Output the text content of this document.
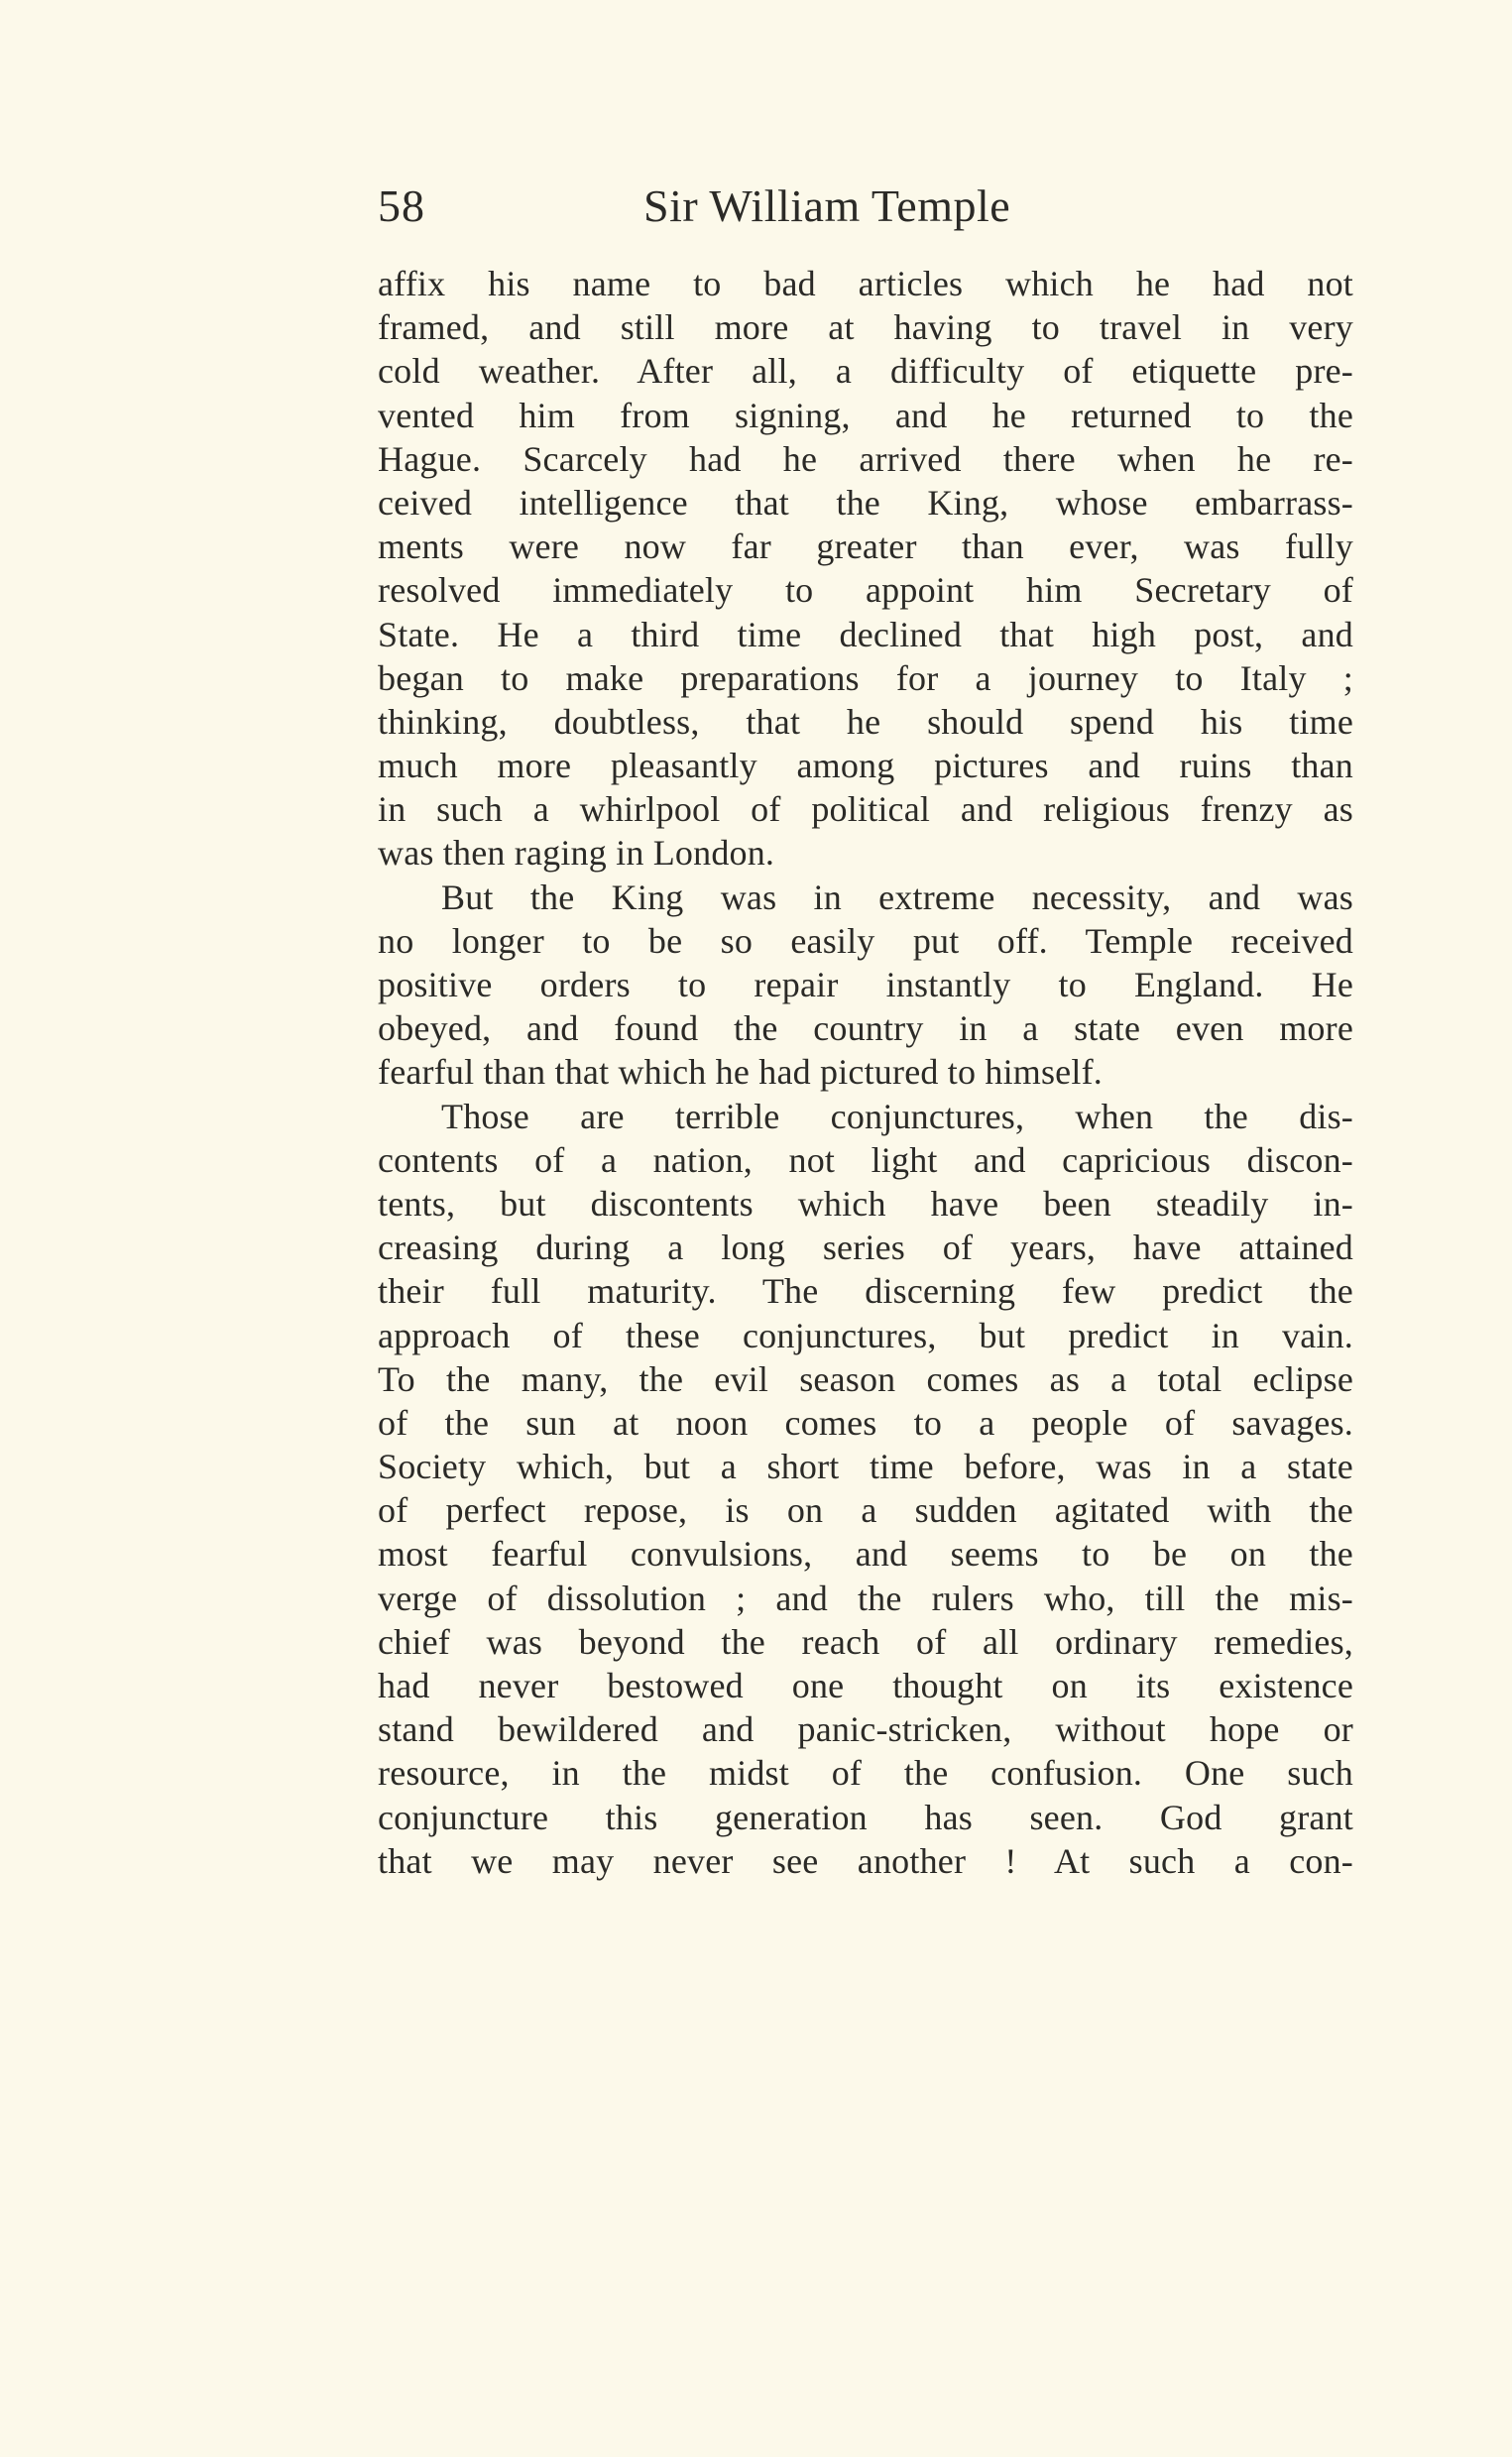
58	Sir William Temple
affix his name to bad articles which he had not
framed, and still more at having to travel in very
cold weather. After all, a difficulty of etiquette pre-
vented him from signing, and he returned to the
Hague. Scarcely had he arrived there when he re-
ceived intelligence that the King, whose embarrass-
ments were now far greater than ever, was fully
resolved immediately to appoint him Secretary of
State. He a third time declined that high post, and
began to make preparations for a journey to Italy ;
thinking, doubtless, that he should spend his time
much more pleasantly among pictures and ruins than
in such a whirlpool of political and religious frenzy as
was then raging in London.
But the King was in extreme necessity, and was
no longer to be so easily put off. Temple received
positive orders to repair instantly to England. He
obeyed, and found the country in a state even more
fearful than that which he had pictured to himself.
Those are terrible conjunctures, when the dis-
contents of a nation, not light and capricious discon-
tents, but discontents which have been steadily in-
creasing during a long series of years, have attained
their full maturity. The discerning few predict the
approach of these conjunctures, but predict in vain.
To the many, the evil season comes as a total eclipse
of the sun at noon comes to a people of savages.
Society which, but a short time before, was in a state
of perfect repose, is on a sudden agitated with the
most fearful convulsions, and seems to be on the
verge of dissolution ; and the rulers who, till the mis-
chief was beyond the reach of all ordinary remedies,
had never bestowed one thought on its existence
stand bewildered and panic-stricken, without hope or
resource, in the midst of the confusion. One such
conjuncture this generation has seen. God grant
that we may never see another ! At such a con-
